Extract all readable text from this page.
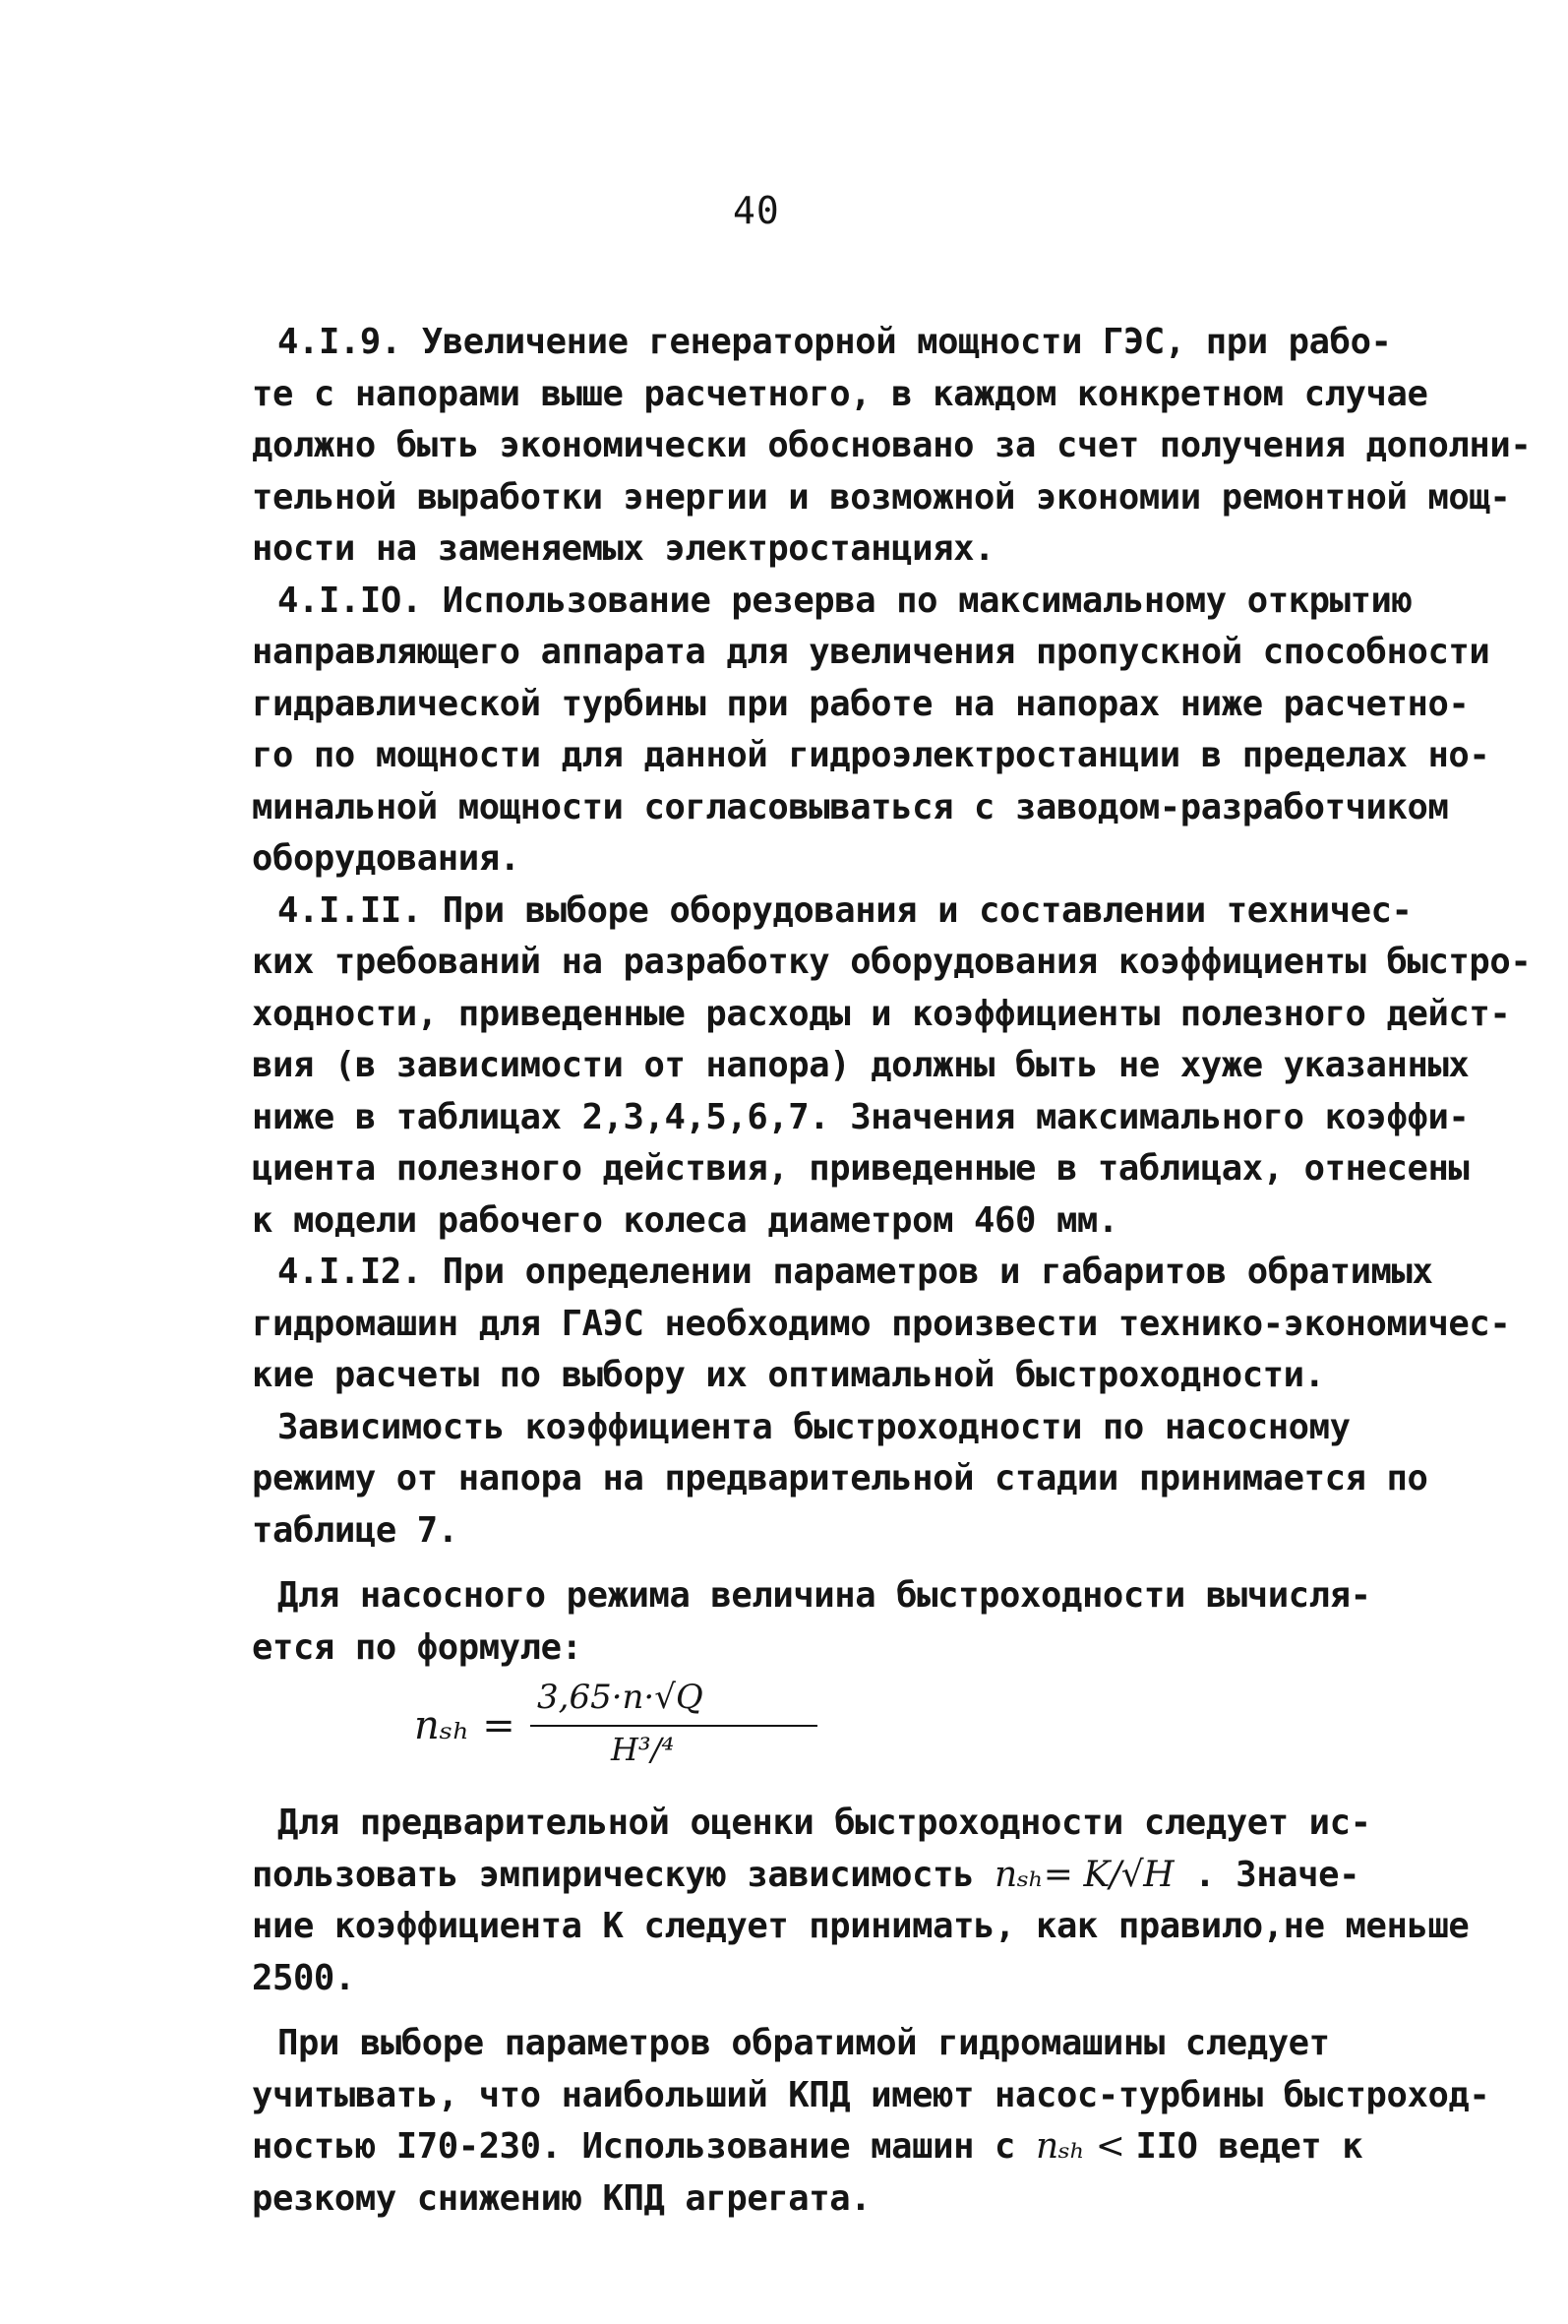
40
4.I.9. Увеличение генераторной мощности ГЭС, при рабо-
те с напорами выше расчетного, в каждом конкретном случае
должно быть экономически обосновано за счет получения дополни-
тельной выработки энергии и возможной экономии ремонтной мощ-
ности на заменяемых электростанциях.
4.I.IO. Использование резерва по максимальному открытию
направляющего аппарата для увеличения пропускной способности
гидравлической турбины при работе на напорах ниже расчетно-
го по мощности для данной гидроэлектростанции в пределах но-
минальной мощности согласовываться с заводом-разработчиком
оборудования.
4.I.II. При выборе оборудования и составлении техничес-
ких требований на разработку оборудования коэффициенты быстро-
ходности, приведенные расходы и коэффициенты полезного дейст-
вия (в зависимости от напора) должны быть не хуже указанных
ниже в таблицах 2,3,4,5,6,7. Значения максимального коэффи-
циента полезного действия, приведенные в таблицах, отнесены
к модели рабочего колеса диаметром 460 мм.
4.I.I2. При определении параметров и габаритов обратимых
гидромашин для ГАЭС необходимо произвести технико-экономичес-
кие расчеты по выбору их оптимальной быстроходности.
Зависимость коэффициента быстроходности по насосному
режиму от напора на предварительной стадии принимается по
таблице 7.
Для насосного режима величина быстроходности вычисля-
ется по формуле:
nₛₕ =
3,65·n·√Q
H³/⁴
Для предварительной оценки быстроходности следует ис-
пользовать эмпирическую зависимость nₛₕ= K/√H . Значе-
ние коэффициента К следует принимать, как правило,не меньше
2500.
При выборе параметров обратимой гидромашины следует
учитывать, что наибольший КПД имеют насос-турбины быстроход-
ностью I70-230. Использование машин с nₛₕ < IIO ведет к
резкому снижению КПД агрегата.
